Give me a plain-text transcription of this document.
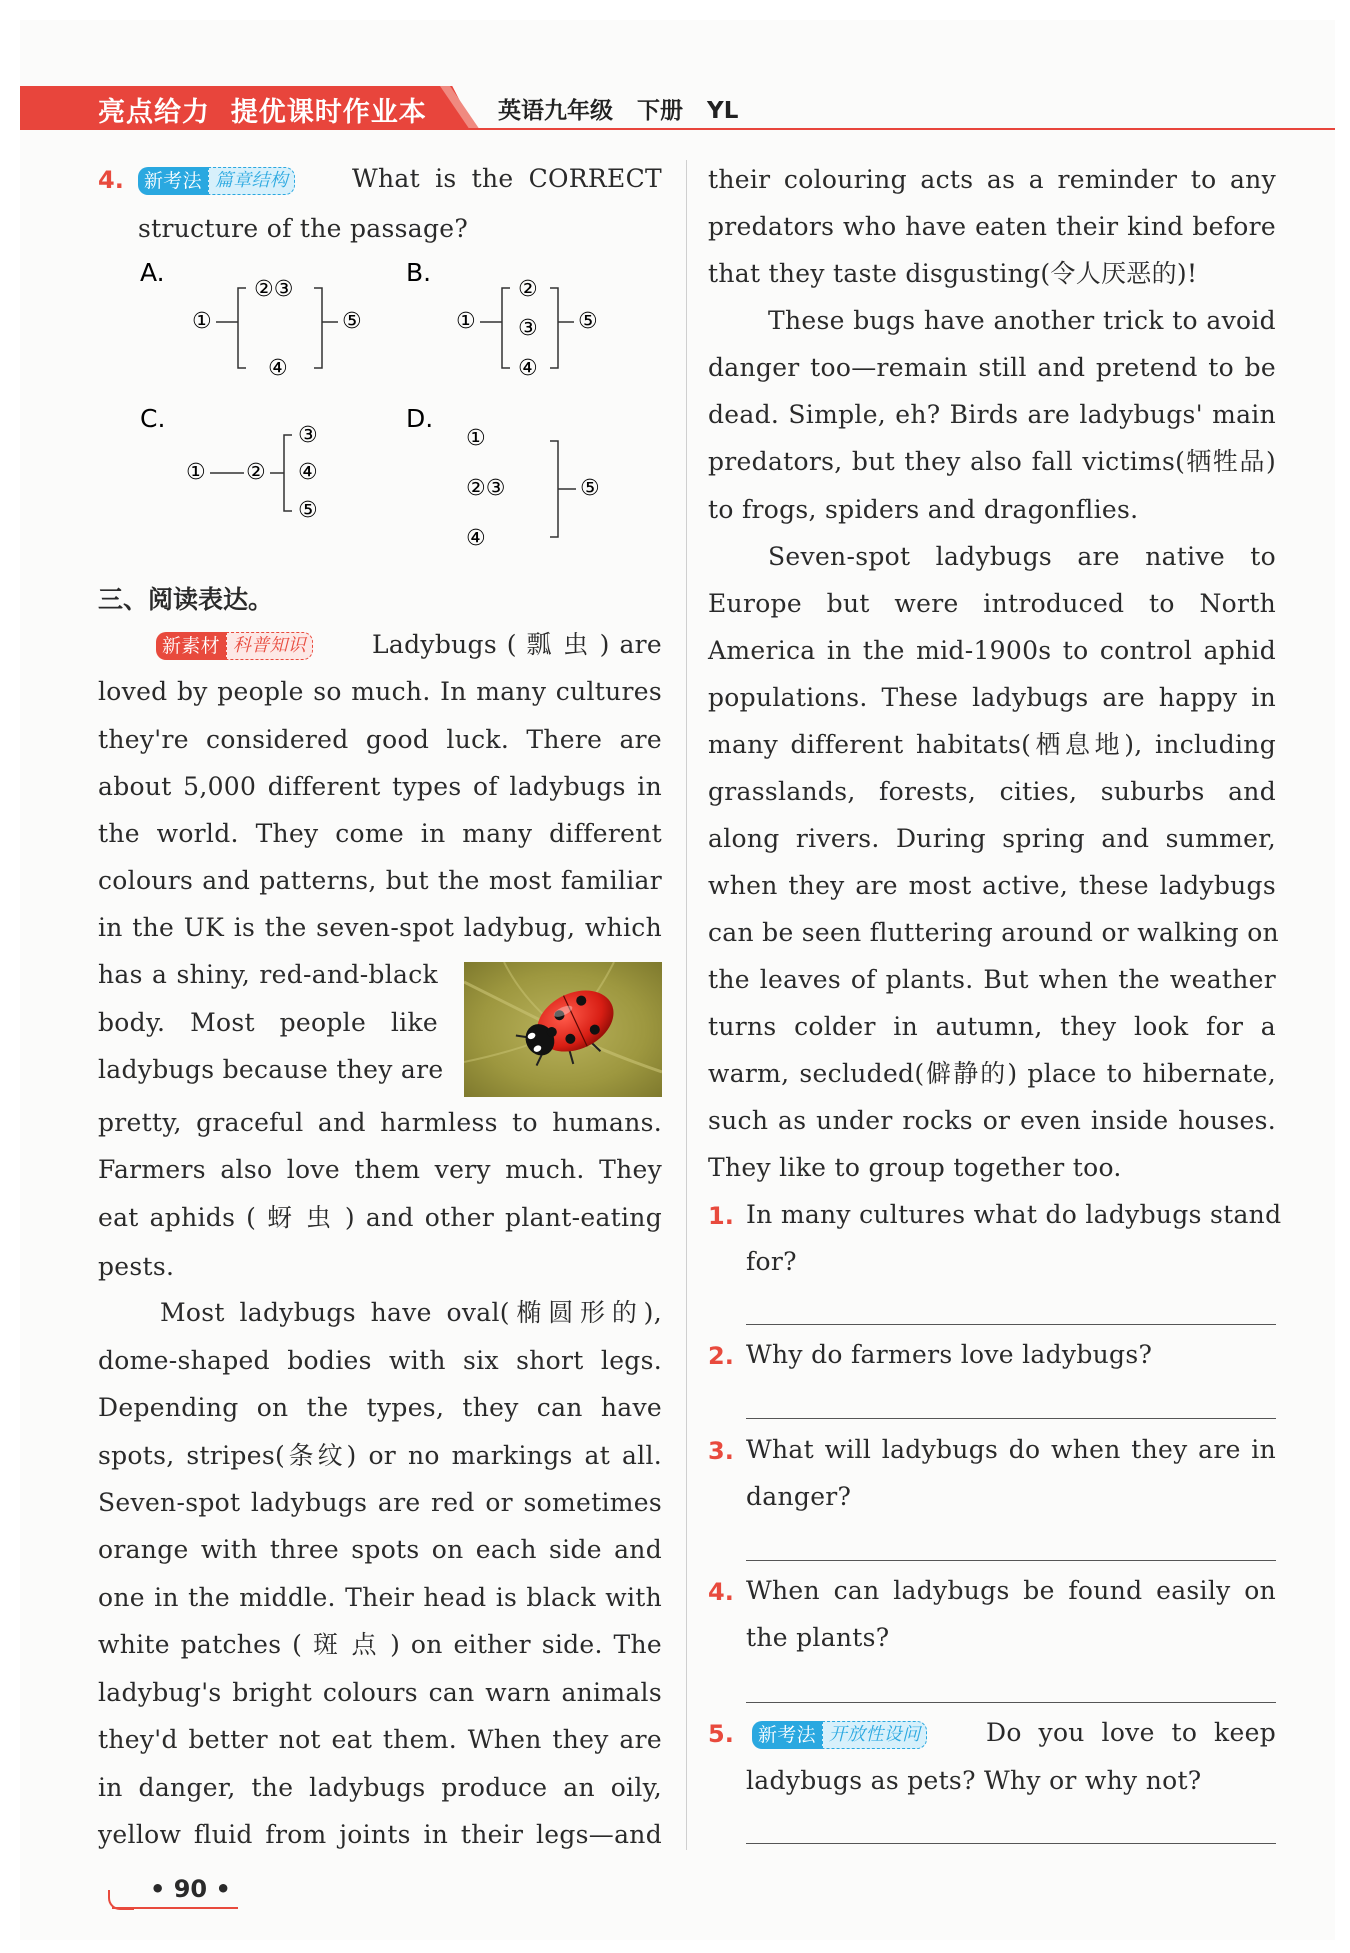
亮点给力  提优课时作业本	英语九年级   下册   YL
4.	新考法 篇章结构	What is the CORRECT
structure of the passage?
A.
①
②③
④
⑤
B.
①
②
③
④
⑤
C.
① ②
③
④
⑤
D.
①
②③
④
⑤
三、阅读表达。
新素材 科普知识	Ladybugs ( 瓢 虫 ) are
loved by people so much. In many cultures
they're considered good luck. There are
about 5,000 different types of ladybugs in
the world. They come in many different
colours and patterns, but the most familiar
in the UK is the seven-spot ladybug, which
has a shiny, red-and-black
body. Most people like
ladybugs because they are
pretty, graceful and harmless to humans.
Farmers also love them very much. They
eat aphids ( 蚜 虫 ) and other plant-eating
pests.
Most ladybugs have oval(椭圆形的),
dome-shaped bodies with six short legs.
Depending on the types, they can have
spots, stripes(条纹) or no markings at all.
Seven-spot ladybugs are red or sometimes
orange with three spots on each side and
one in the middle. Their head is black with
white patches ( 斑 点 ) on either side. The
ladybug's bright colours can warn animals
they'd better not eat them. When they are
in danger, the ladybugs produce an oily,
yellow fluid from joints in their legs—and
their colouring acts as a reminder to any
predators who have eaten their kind before
that they taste disgusting(令人厌恶的)!
These bugs have another trick to avoid
danger too—remain still and pretend to be
dead. Simple, eh? Birds are ladybugs' main
predators, but they also fall victims(牺牲品)
to frogs, spiders and dragonflies.
Seven-spot ladybugs are native to
Europe but were introduced to North
America in the mid-1900s to control aphid
populations. These ladybugs are happy in
many different habitats(栖息地), including
grasslands, forests, cities, suburbs and
along rivers. During spring and summer,
when they are most active, these ladybugs
can be seen fluttering around or walking on
the leaves of plants. But when the weather
turns colder in autumn, they look for a
warm, secluded(僻静的) place to hibernate,
such as under rocks or even inside houses.
They like to group together too.
1. In many cultures what do ladybugs stand
for?
2. Why do farmers love ladybugs?
3. What will ladybugs do when they are in
danger?
4. When can ladybugs be found easily on
the plants?
5.	新考法 开放性设问	Do you love to keep
ladybugs as pets? Why or why not?
• 90 •
